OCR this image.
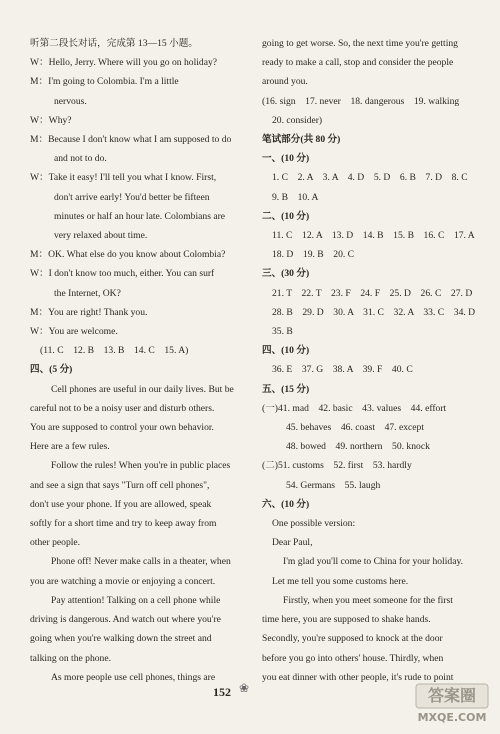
听第二段长对话，完成第 13—15 小题。
W：Hello, Jerry. Where will you go on holiday?
M：I'm going to Colombia. I'm a little
nervous.
W：Why?
M：Because I don't know what I am supposed to do
and not to do.
W：Take it easy! I'll tell you what I know. First,
don't arrive early! You'd better be fifteen
minutes or half an hour late. Colombians are
very relaxed about time.
M：OK. What else do you know about Colombia?
W：I don't know too much, either. You can surf
the Internet, OK?
M：You are right! Thank you.
W：You are welcome.
(11. C　12. B　13. B　14. C　15. A)
四、(5 分)
Cell phones are useful in our daily lives. But be
careful not to be a noisy user and disturb others.
You are supposed to control your own behavior.
Here are a few rules.
Follow the rules! When you're in public places
and see a sign that says "Turn off cell phones",
don't use your phone. If you are allowed, speak
softly for a short time and try to keep away from
other people.
Phone off! Never make calls in a theater, when
you are watching a movie or enjoying a concert.
Pay attention! Talking on a cell phone while
driving is dangerous. And watch out where you're
going when you're walking down the street and
talking on the phone.
As more people use cell phones, things are
going to get worse. So, the next time you're getting
ready to make a call, stop and consider the people
around you.
(16. sign　17. never　18. dangerous　19. walking
20. consider)
笔试部分(共 80 分)
一、(10 分)
1. C　2. A　3. A　4. D　5. D　6. B　7. D　8. C
9. B　10. A
二、(10 分)
11. C　12. A　13. D　14. B　15. B　16. C　17. A
18. D　19. B　20. C
三、(30 分)
21. T　22. T　23. F　24. F　25. D　26. C　27. D
28. B　29. D　30. A　31. C　32. A　33. C　34. D
35. B
四、(10 分)
36. E　37. G　38. A　39. F　40. C
五、(15 分)
(一)41. mad　42. basic　43. values　44. effort
45. behaves　46. coast　47. except
48. bowed　49. northern　50. knock
(二)51. customs　52. first　53. hardly
54. Germans　55. laugh
六、(10 分)
One possible version:
Dear Paul,
I'm glad you'll come to China for your holiday.
Let me tell you some customs here.
Firstly, when you meet someone for the first
time here, you are supposed to shake hands.
Secondly, you're supposed to knock at the door
before you go into others' house. Thirdly, when
you eat dinner with other people, it's rude to point
152 ❀	答案圈
MXQE.COM
